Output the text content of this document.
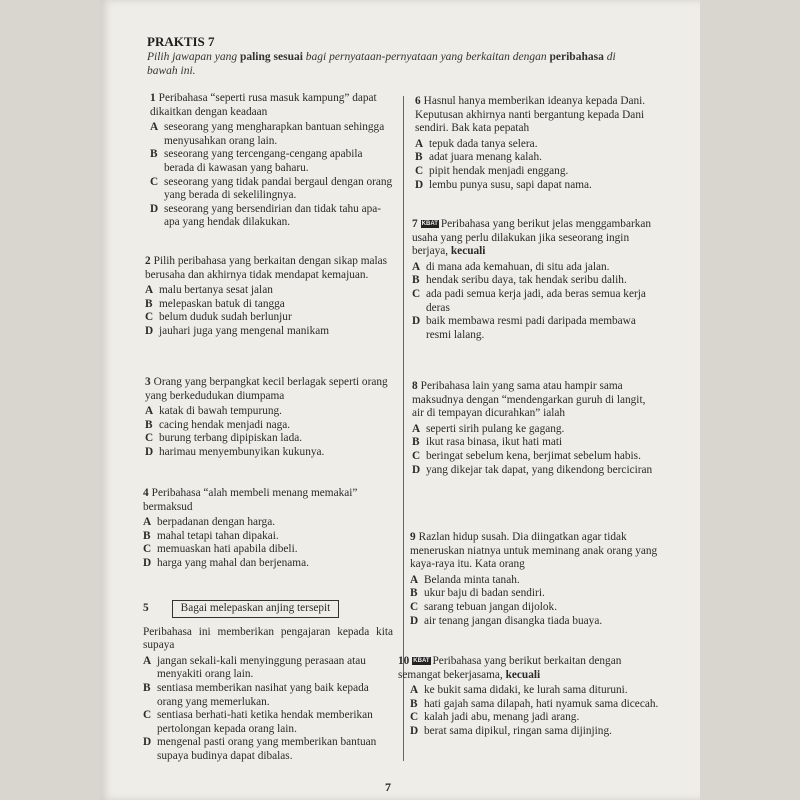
PRAKTIS 7
Pilih jawapan yang paling sesuai bagi pernyataan-pernyataan yang berkaitan dengan peribahasa di bawah ini.
1 Peribahasa “seperti rusa masuk kampung” dapat dikaitkan dengan keadaan
A seseorang yang mengharapkan bantuan sehingga menyusahkan orang lain.
B seseorang yang tercengang-cengang apabila berada di kawasan yang baharu.
C seseorang yang tidak pandai bergaul dengan orang yang berada di sekelilingnya.
D seseorang yang bersendirian dan tidak tahu apa-apa yang hendak dilakukan.
2 Pilih peribahasa yang berkaitan dengan sikap malas berusaha dan akhirnya tidak mendapat kemajuan.
A malu bertanya sesat jalan
B melepaskan batuk di tangga
C belum duduk sudah berlunjur
D jauhari juga yang mengenal manikam
3 Orang yang berpangkat kecil berlagak seperti orang yang berkedudukan diumpama
A katak di bawah tempurung.
B cacing hendak menjadi naga.
C burung terbang dipipiskan lada.
D harimau menyembunyikan kukunya.
4 Peribahasa “alah membeli menang memakai” bermaksud
A berpadanan dengan harga.
B mahal tetapi tahan dipakai.
C memuaskan hati apabila dibeli.
D harga yang mahal dan berjenama.
5	Bagai melepaskan anjing tersepit
Peribahasa ini memberikan pengajaran kepada kita supaya
A jangan sekali-kali menyinggung perasaan atau menyakiti orang lain.
B sentiasa memberikan nasihat yang baik kepada orang yang memerlukan.
C sentiasa berhati-hati ketika hendak memberikan pertolongan kepada orang lain.
D mengenal pasti orang yang memberikan bantuan supaya budinya dapat dibalas.
6 Hasnul hanya memberikan ideanya kepada Dani. Keputusan akhirnya nanti bergantung kepada Dani sendiri. Bak kata pepatah
A tepuk dada tanya selera.
B adat juara menang kalah.
C pipit hendak menjadi enggang.
D lembu punya susu, sapi dapat nama.
7 KBAT Peribahasa yang berikut jelas menggambarkan usaha yang perlu dilakukan jika seseorang ingin berjaya, kecuali
A di mana ada kemahuan, di situ ada jalan.
B hendak seribu daya, tak hendak seribu dalih.
C ada padi semua kerja jadi, ada beras semua kerja deras
D baik membawa resmi padi daripada membawa resmi lalang.
8 Peribahasa lain yang sama atau hampir sama maksudnya dengan “mendengarkan guruh di langit, air di tempayan dicurahkan” ialah
A seperti sirih pulang ke gagang.
B ikut rasa binasa, ikut hati mati
C beringat sebelum kena, berjimat sebelum habis.
D yang dikejar tak dapat, yang dikendong berciciran
9 Razlan hidup susah. Dia diingatkan agar tidak meneruskan niatnya untuk meminang anak orang yang kaya-raya itu. Kata orang
A Belanda minta tanah.
B ukur baju di badan sendiri.
C sarang tebuan jangan dijolok.
D air tenang jangan disangka tiada buaya.
10 KBAT Peribahasa yang berikut berkaitan dengan semangat bekerjasama, kecuali
A ke bukit sama didaki, ke lurah sama dituruni.
B hati gajah sama dilapah, hati nyamuk sama dicecah.
C kalah jadi abu, menang jadi arang.
D berat sama dipikul, ringan sama dijinjing.
7
